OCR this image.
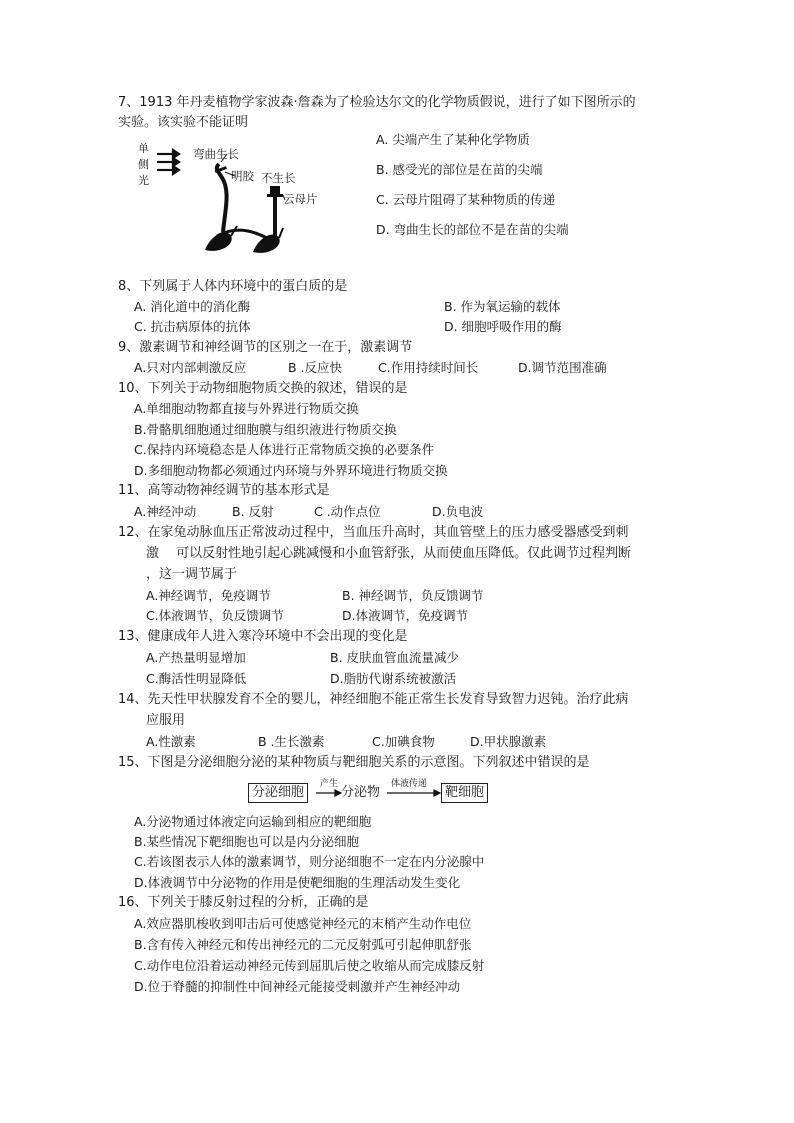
7、1913 年丹麦植物学家波森·詹森为了检验达尔文的化学物质假说，进行了如下图所示的
实验。该实验不能证明
单
侧
光
弯曲生长
明胶 不生长
云母片
A. 尖端产生了某种化学物质
B. 感受光的部位是在苗的尖端
C. 云母片阻碍了某种物质的传递
D. 弯曲生长的部位不是在苗的尖端
8、下列属于人体内环境中的蛋白质的是
A. 消化道中的消化酶	B. 作为氧运输的载体
C. 抗击病原体的抗体	D. 细胞呼吸作用的酶
9、激素调节和神经调节的区别之一在于，激素调节
A.只对内部刺激反应	B .反应快	C.作用持续时间长	D.调节范围准确
10、下列关于动物细胞物质交换的叙述，错误的是
A.单细胞动物都直接与外界进行物质交换
B.骨骼肌细胞通过细胞膜与组织液进行物质交换
C.保持内环境稳态是人体进行正常物质交换的必要条件
D.多细胞动物都必须通过内环境与外界环境进行物质交换
11、高等动物神经调节的基本形式是
A.神经冲动	B. 反射	C .动作点位	D.负电波
12、在家兔动脉血压正常波动过程中，当血压升高时，其血管壁上的压力感受器感受到刺
激　 可以反射性地引起心跳减慢和小血管舒张，从而使血压降低。仅此调节过程判断
，这一调节属于
A.神经调节，免疫调节	B. 神经调节，负反馈调节
C.体液调节，负反馈调节	D.体液调节，免疫调节
13、健康成年人进入寒冷环境中不会出现的变化是
A.产热量明显增加	B. 皮肤血管血流量减少
C.酶活性明显降低	D.脂肪代谢系统被激活
14、先天性甲状腺发育不全的婴儿，神经细胞不能正常生长发育导致智力迟钝。治疗此病
应服用
A.性激素	B .生长激素	C.加碘食物	D.甲状腺激素
15、下图是分泌细胞分泌的某种物质与靶细胞关系的示意图。下列叙述中错误的是
分泌细胞
产生
分泌物
体液传递
靶细胞
A.分泌物通过体液定向运输到相应的靶细胞
B.某些情况下靶细胞也可以是内分泌细胞
C.若该图表示人体的激素调节，则分泌细胞不一定在内分泌腺中
D.体液调节中分泌物的作用是使靶细胞的生理活动发生变化
16、下列关于膝反射过程的分析，正确的是
A.效应器肌梭收到叩击后可使感觉神经元的末梢产生动作电位
B.含有传入神经元和传出神经元的二元反射弧可引起伸肌舒张
C.动作电位沿着运动神经元传到屈肌后使之收缩从而完成膝反射
D.位于脊髓的抑制性中间神经元能接受刺激并产生神经冲动
